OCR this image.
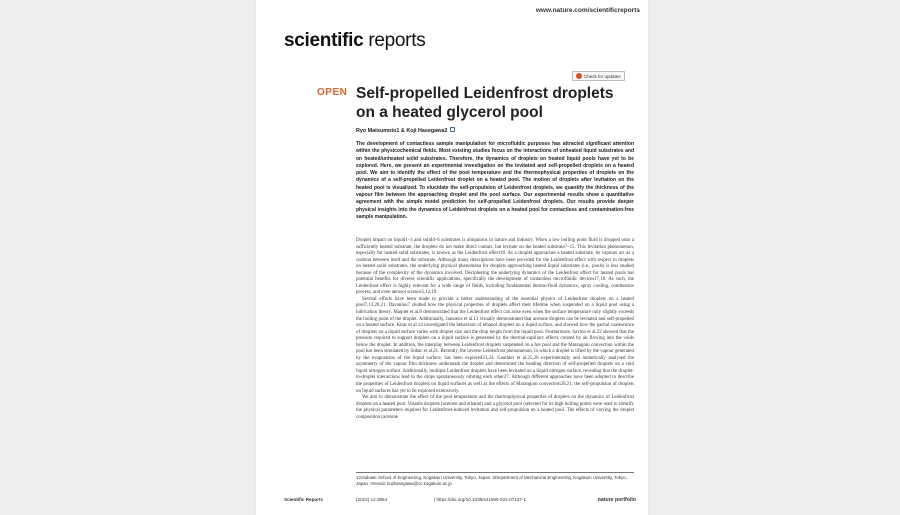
www.nature.com/scientificreports
scientific reports
Check for updates
OPEN Self-propelled Leidenfrost droplets on a heated glycerol pool
Ryo Matsumoto1 & Koji Hasegawa2
The development of contactless sample manipulation for microfluidic purposes has attracted significant attention within the physicochemical fields. Most existing studies focus on the interactions of unheated liquid substrates and on heated/unheated solid substrates. Therefore, the dynamics of droplets on heated liquid pools have yet to be explored. Here, we present an experimental investigation on the levitated and self-propelled droplets on a heated pool. We aim to identify the effect of the pool temperature and the thermophysical properties of droplets on the dynamics of a self-propelled Leidenfrost droplet on a heated pool. The motion of droplets after levitation on the heated pool is visualized. To elucidate the self-propulsion of Leidenfrost droplets, we quantify the thickness of the vapour film between the approaching droplet and the pool surface. Our experimental results show a quantitative agreement with the simple model prediction for self-propelled Leidenfrost droplets. Our results provide deeper physical insights into the dynamics of Leidenfrost droplets on a heated pool for contactless and contamination-free sample manipulation.

Droplet impact on liquid1–3 and solid4–6 substrates is ubiquitous in nature and industry. When a low boiling point fluid is dropped onto a sufficiently heated substrate, the droplets do not make direct contact, but levitate on the heated substrate7–15. This levitation phenomenon, especially for heated solid substrates, is known as the Leidenfrost effect16. As a droplet approaches a heated substrate, its vapours act as a cushion between itself and the substrate. Although many descriptions have been provided for the Leidenfrost effect with respect to droplets on heated solid substrates, the underlying physical phenomena for droplets approaching heated liquid substrates (i.e., pools) is less studied because of the complexity of the dynamics involved. Deciphering the underlying dynamics of the Leidenfrost effect for heated pools has potential benefits for diverse scientific applications, specifically the development of contactless microfluidic devices17,18. As such, the Leidenfrost effect is highly relevant for a wide range of fields, including fundamental thermo-fluid dynamics, spray cooling, combustion process, and even aerosol science5,12,19.

Several efforts have been made to provide a better understanding of the essential physics of Leidenfrost droplets on a heated pool7,13,20,21. Davanlou7 studied how the physical properties of droplets affect their lifetime when suspended on a liquid pool using a lubrication theory. Maquet et al.8 demonstrated that the Leidenfrost effect can arise even when the surface temperature only slightly exceeds the boiling point of the droplet. Additionally, Janssens et al.13 visually demonstrated that acetone droplets can be levitated and self-propelled on a heated surface. Kirar et al.14 investigated the behaviour of ethanol droplets on a liquid surface, and showed how the partial coalescence of droplets on a liquid surface varies with droplet size and the drop height from the liquid pool. Furthermore, Savino et al.22 showed that the pressure required to support droplets on a liquid surface is generated by the thermal-capillary effects created by air flowing into the voids below the droplet. In addition, the interplay between Leidenfrost droplets suspended on a hot pool and the Marangoni convection within the pool has been simulated by Sobac et al.21. Recently, the inverse Leidenfrost phenomenon, in which a droplet is lifted by the vapour generated by the evaporation of the liquid surface, has been explored23,24. Gauthier et al.25,26 experimentally and numerically analysed the asymmetry of the vapour film thickness underneath the droplet and determined the heading direction of self-propelled droplets on a cold liquid nitrogen surface. Additionally, multiple Leidenfrost droplets have been levitated on a liquid nitrogen surface, revealing that the droplet-to-droplet interactions lead to the drops spontaneously orbiting each other27. Although different approaches have been adopted to describe the properties of Leidenfrost droplets on liquid surfaces as well as the effects of Marangoni convection20,21, the self-propulsion of droplets on liquid surfaces has yet to be explored extensively.

We aim to demonstrate the effect of the pool temperature and the thermophysical properties of droplets on the dynamics of Leidenfrost droplets on a heated pool. Volatile droplets (acetone and ethanol) and a glycerol pool (selected for its high boiling point) were used to identify the physical parameters required for Leidenfrost-induced levitation and self-propulsion on a heated pool. The effects of varying the droplet composition (acetone

1Graduate School of Engineering, Kogakuin University, Tokyo, Japan. 2Department of Mechanical Engineering, Kogakuin University, Tokyo, Japan. ✉email: kojihasegawa@cc.kogakuin.ac.jp
Scientific Reports	(2022) 12:3554	| https://doi.org/10.1038/s41598-022-07137-1	nature portfolio
